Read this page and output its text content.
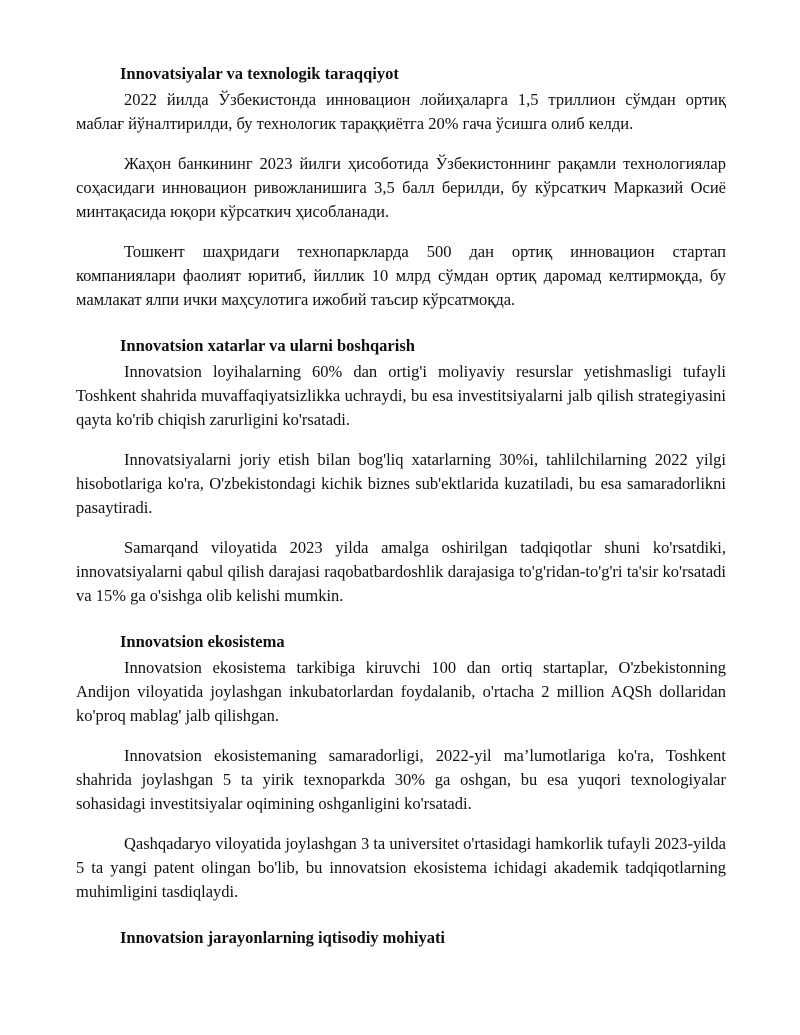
Innovatsiyalar va texnologik taraqqiyot

2022 йилда Ўзбекистонда инновацион лойиҳаларга 1,5 триллион сўмдан ортиқ маблағ йўналтирилди, бу технологик тараққиётга 20% гача ўсишга олиб келди.

Жаҳон банкининг 2023 йилги ҳисоботида Ўзбекистоннинг рақамли технологиялар соҳасидаги инновацион ривожланишига 3,5 балл берилди, бу кўрсаткич Марказий Осиё минтақасида юқори кўрсаткич ҳисобланади.

Тошкент шаҳридаги технопаркларда 500 дан ортиқ инновацион стартап компаниялари фаолият юритиб, йиллик 10 млрд сўмдан ортиқ даромад келтирмоқда, бу мамлакат ялпи ички маҳсулотига ижобий таъсир кўрсатмоқда.

Innovatsion xatarlar va ularni boshqarish

Innovatsion loyihalarning 60% dan ortig'i moliyaviy resurslar yetishmasligi tufayli Toshkent shahrida muvaffaqiyatsizlikka uchraydi, bu esa investitsiyalarni jalb qilish strategiyasini qayta ko'rib chiqish zarurligini ko'rsatadi.

Innovatsiyalarni joriy etish bilan bog'liq xatarlarning 30%i, tahlilchilarning 2022 yilgi hisobotlariga ko'ra, O'zbekistondagi kichik biznes sub'ektlarida kuzatiladi, bu esa samaradorlikni pasaytiradi.

Samarqand viloyatida 2023 yilda amalga oshirilgan tadqiqotlar shuni ko'rsatdiki, innovatsiyalarni qabul qilish darajasi raqobatbardoshlik darajasiga to'g'ridan-to'g'ri ta'sir ko'rsatadi va 15% ga o'sishga olib kelishi mumkin.

Innovatsion ekosistema

Innovatsion ekosistema tarkibiga kiruvchi 100 dan ortiq startaplar, O'zbekistonning Andijon viloyatida joylashgan inkubatorlardan foydalanib, o'rtacha 2 million AQSh dollaridan ko'proq mablag' jalb qilishgan.

Innovatsion ekosistemaning samaradorligi, 2022-yil ma’lumotlariga ko'ra, Toshkent shahrida joylashgan 5 ta yirik texnoparkda 30% ga oshgan, bu esa yuqori texnologiyalar sohasidagi investitsiyalar oqimining oshganligini ko'rsatadi.

Qashqadaryo viloyatida joylashgan 3 ta universitet o'rtasidagi hamkorlik tufayli 2023-yilda 5 ta yangi patent olingan bo'lib, bu innovatsion ekosistema ichidagi akademik tadqiqotlarning muhimligini tasdiqlaydi.

Innovatsion jarayonlarning iqtisodiy mohiyati
